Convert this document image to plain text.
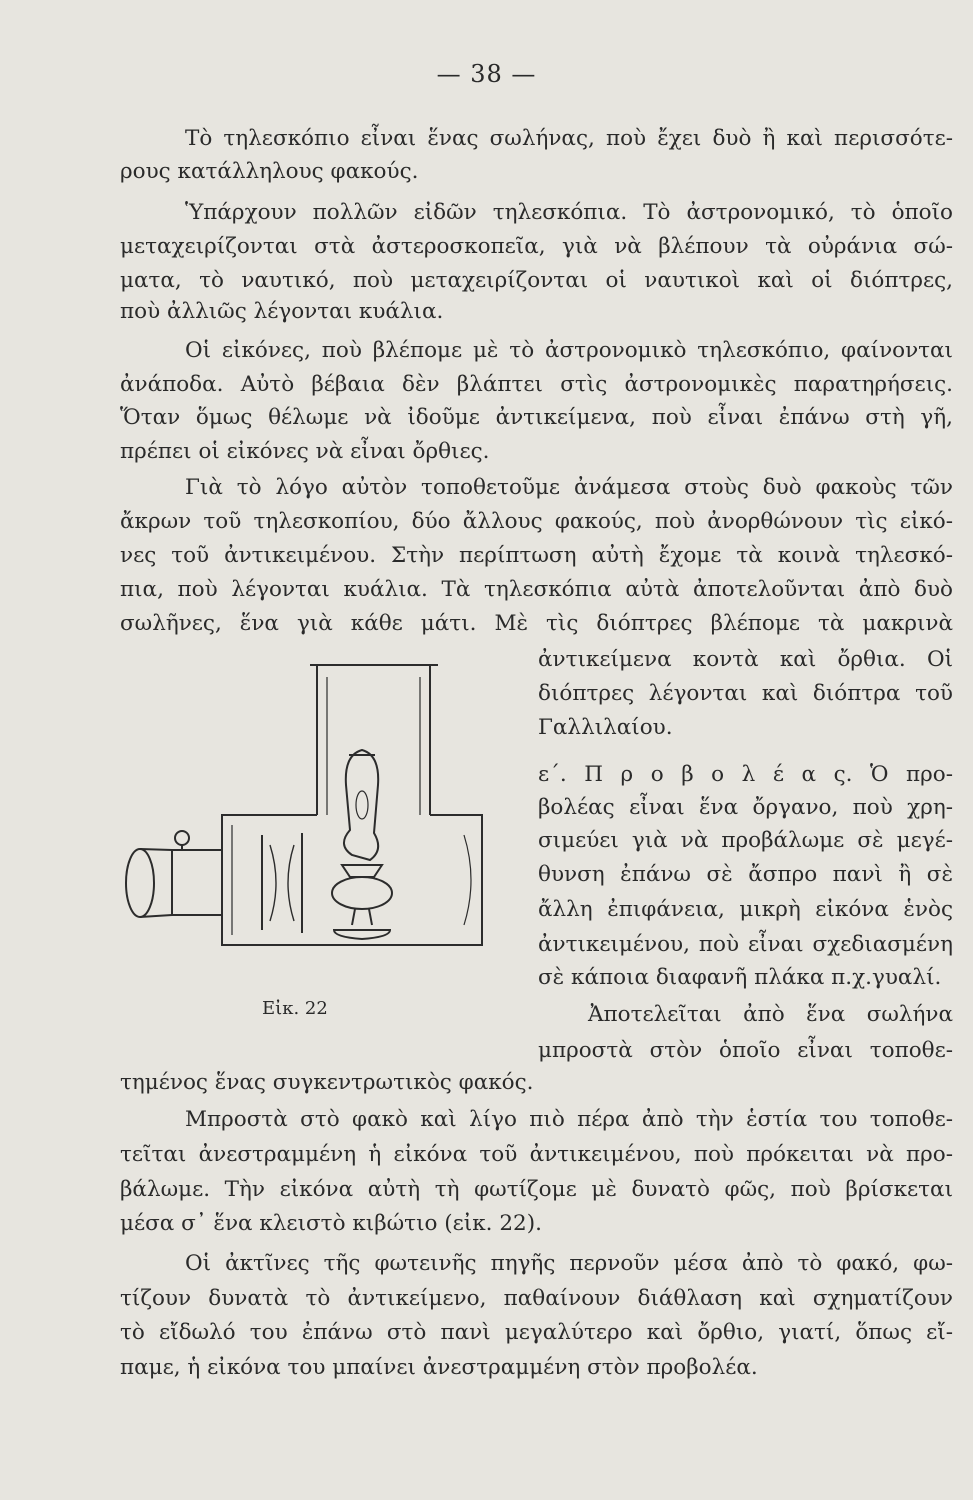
— 38 —
Τὸ τηλεσκόπιο εἶναι ἕνας σωλήνας, ποὺ ἔχει δυὸ ἢ καὶ περισσότε-
ρους κατάλληλους φακούς.
Ὑπάρχουν πολλῶν εἰδῶν τηλεσκόπια. Τὸ ἀστρονομικό, τὸ ὁποῖο
μεταχειρίζονται στὰ ἀστεροσκοπεῖα, γιὰ νὰ βλέπουν τὰ οὐράνια σώ-
ματα, τὸ ναυτικό, ποὺ μεταχειρίζονται οἱ ναυτικοὶ καὶ οἱ διόπτρες,
ποὺ ἀλλιῶς λέγονται κυάλια.
Οἱ εἰκόνες, ποὺ βλέπομε μὲ τὸ ἀστρονομικὸ τηλεσκόπιο, φαίνονται
ἀνάποδα. Αὐτὸ βέβαια δὲν βλάπτει στὶς ἀστρονομικὲς παρατηρήσεις.
Ὅταν ὅμως θέλωμε νὰ ἰδοῦμε ἀντικείμενα, ποὺ εἶναι ἐπάνω στὴ γῆ,
πρέπει οἱ εἰκόνες νὰ εἶναι ὄρθιες.
Γιὰ τὸ λόγο αὐτὸν τοποθετοῦμε ἀνάμεσα στοὺς δυὸ φακοὺς τῶν
ἄκρων τοῦ τηλεσκοπίου, δύο ἄλλους φακούς, ποὺ ἀνορθώνουν τὶς εἰκό-
νες τοῦ ἀντικειμένου. Στὴν περίπτωση αὐτὴ ἔχομε τὰ κοινὰ τηλεσκό-
πια, ποὺ λέγονται κυάλια. Τὰ τηλεσκόπια αὐτὰ ἀποτελοῦνται ἀπὸ δυὸ
σωλῆνες, ἕνα γιὰ κάθε μάτι. Μὲ τὶς διόπτρες βλέπομε τὰ μακρινὰ
ἀντικείμενα κοντὰ καὶ ὄρθια. Οἱ
διόπτρες λέγονται καὶ διόπτρα τοῦ
Γαλλιλαίου.
ε΄. Π ρ ο β ο λ έ α ς. Ὁ προ-
βολέας εἶναι ἕνα ὄργανο, ποὺ χρη-
σιμεύει γιὰ νὰ προβάλωμε σὲ μεγέ-
θυνση ἐπάνω σὲ ἄσπρο πανὶ ἢ σὲ
ἄλλη ἐπιφάνεια, μικρὴ εἰκόνα ἑνὸς
ἀντικειμένου, ποὺ εἶναι σχεδιασμένη
σὲ κάποια διαφανῆ πλάκα π.χ.γυαλί.
Ἀποτελεῖται ἀπὸ ἕνα σωλήνα
μπροστὰ στὸν ὁποῖο εἶναι τοποθε-
τημένος ἕνας συγκεντρωτικὸς φακός.
Εἰκ. 22
Μπροστὰ στὸ φακὸ καὶ λίγο πιὸ πέρα ἀπὸ τὴν ἑστία του τοποθε-
τεῖται ἀνεστραμμένη ἡ εἰκόνα τοῦ ἀντικειμένου, ποὺ πρόκειται νὰ προ-
βάλωμε. Τὴν εἰκόνα αὐτὴ τὴ φωτίζομε μὲ δυνατὸ φῶς, ποὺ βρίσκεται
μέσα σ᾿ ἕνα κλειστὸ κιβώτιο (εἰκ. 22).
Οἱ ἀκτῖνες τῆς φωτεινῆς πηγῆς περνοῦν μέσα ἀπὸ τὸ φακό, φω-
τίζουν δυνατὰ τὸ ἀντικείμενο, παθαίνουν διάθλαση καὶ σχηματίζουν
τὸ εἴδωλό του ἐπάνω στὸ πανὶ μεγαλύτερο καὶ ὄρθιο, γιατί, ὅπως εἴ-
παμε, ἡ εἰκόνα του μπαίνει ἀνεστραμμένη στὸν προβολέα.
